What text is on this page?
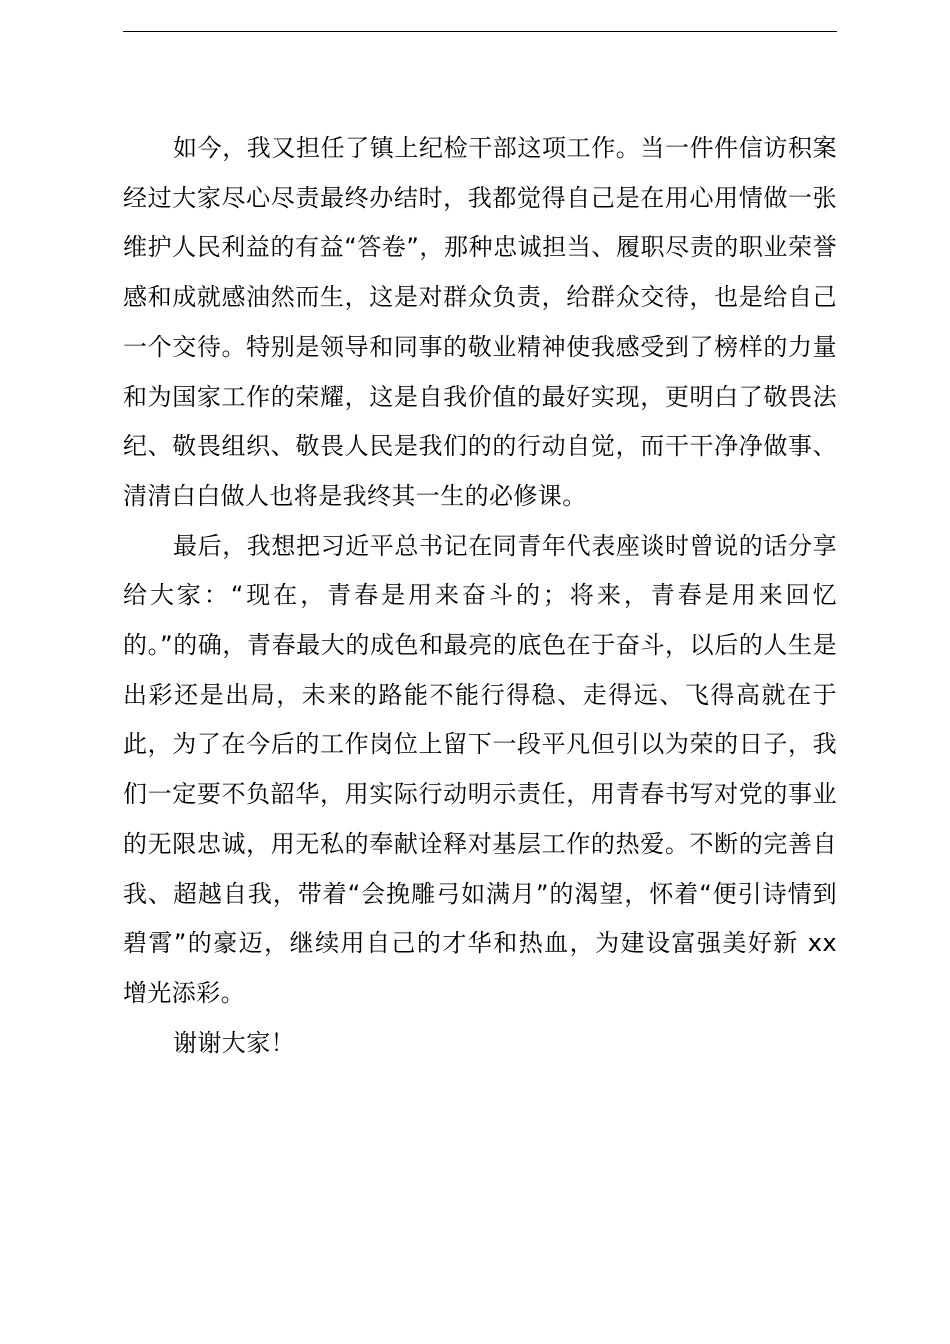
如今，我又担任了镇上纪检干部这项工作。当一件件信访积案经过大家尽心尽责最终办结时，我都觉得自己是在用心用情做一张维护人民利益的有益“答卷”，那种忠诚担当、履职尽责的职业荣誉感和成就感油然而生，这是对群众负责，给群众交待，也是给自己一个交待。特别是领导和同事的敬业精神使我感受到了榜样的力量和为国家工作的荣耀，这是自我价值的最好实现，更明白了敬畏法纪、敬畏组织、敬畏人民是我们的的行动自觉，而干干净净做事、清清白白做人也将是我终其一生的必修课。

最后，我想把习近平总书记在同青年代表座谈时曾说的话分享给大家：“现在，青春是用来奋斗的；将来，青春是用来回忆的。”的确，青春最大的成色和最亮的底色在于奋斗，以后的人生是出彩还是出局，未来的路能不能行得稳、走得远、飞得高就在于此，为了在今后的工作岗位上留下一段平凡但引以为荣的日子，我们一定要不负韶华，用实际行动明示责任，用青春书写对党的事业的无限忠诚，用无私的奉献诠释对基层工作的热爱。不断的完善自我、超越自我，带着“会挽雕弓如满月”的渴望，怀着“便引诗情到碧霄”的豪迈，继续用自己的才华和热血，为建设富强美好新 xx 增光添彩。

谢谢大家！
